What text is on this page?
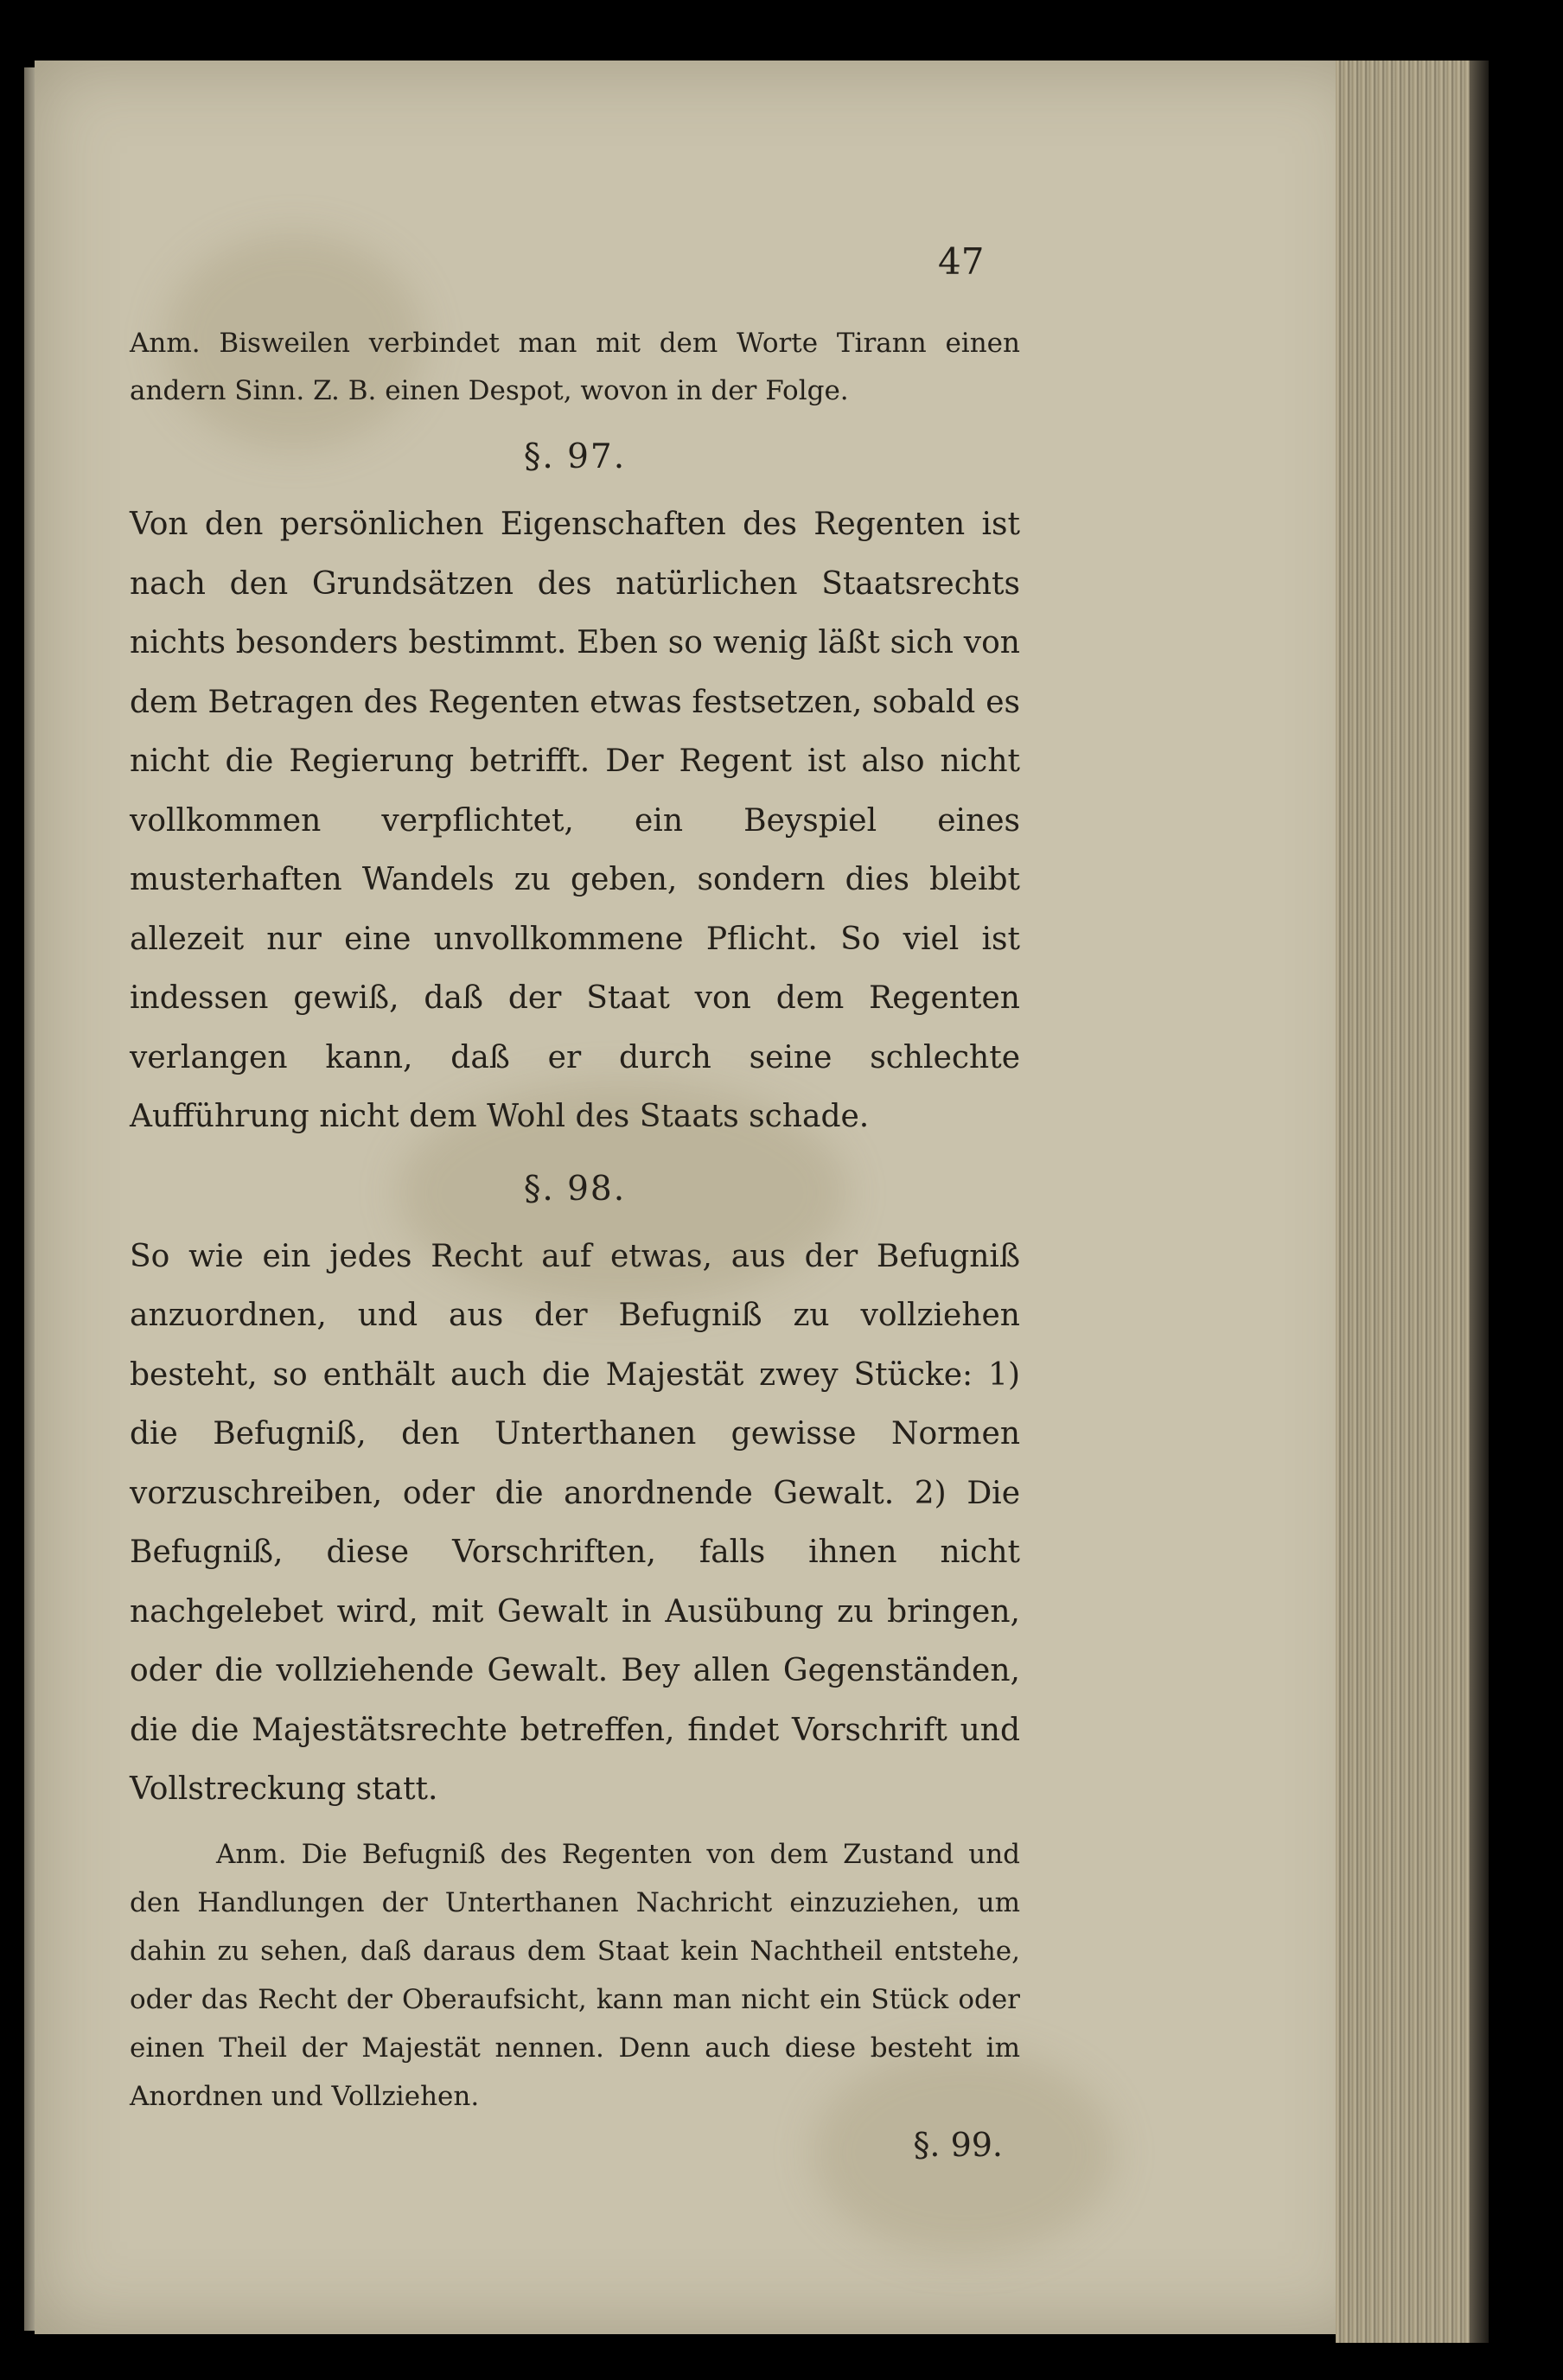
47

Anm. Bisweilen verbindet man mit dem Worte Tirann einen andern Sinn. Z. B. einen Despot, wovon in der Folge.

§. 97.

Von den persönlichen Eigenschaften des Regenten ist nach den Grundsätzen des natürlichen Staatsrechts nichts besonders bestimmt. Eben so wenig läßt sich von dem Betragen des Regenten etwas festsetzen, sobald es nicht die Regierung betrifft. Der Regent ist also nicht vollkommen verpflichtet, ein Beyspiel eines musterhaften Wandels zu geben, sondern dies bleibt allezeit nur eine unvollkommene Pflicht. So viel ist indessen gewiß, daß der Staat von dem Regenten verlangen kann, daß er durch seine schlechte Aufführung nicht dem Wohl des Staats schade.

§. 98.

So wie ein jedes Recht auf etwas, aus der Befugniß anzuordnen, und aus der Befugniß zu vollziehen besteht, so enthält auch die Majestät zwey Stücke: 1) die Befugniß, den Unterthanen gewisse Normen vorzuschreiben, oder die anordnende Gewalt. 2) Die Befugniß, diese Vorschriften, falls ihnen nicht nachgelebet wird, mit Gewalt in Ausübung zu bringen, oder die vollziehende Gewalt. Bey allen Gegenständen, die die Majestätsrechte betreffen, findet Vorschrift und Vollstreckung statt.

Anm. Die Befugniß des Regenten von dem Zustand und den Handlungen der Unterthanen Nachricht einzuziehen, um dahin zu sehen, daß daraus dem Staat kein Nachtheil entstehe, oder das Recht der Oberaufsicht, kann man nicht ein Stück oder einen Theil der Majestät nennen. Denn auch diese besteht im Anordnen und Vollziehen.

§. 99.
